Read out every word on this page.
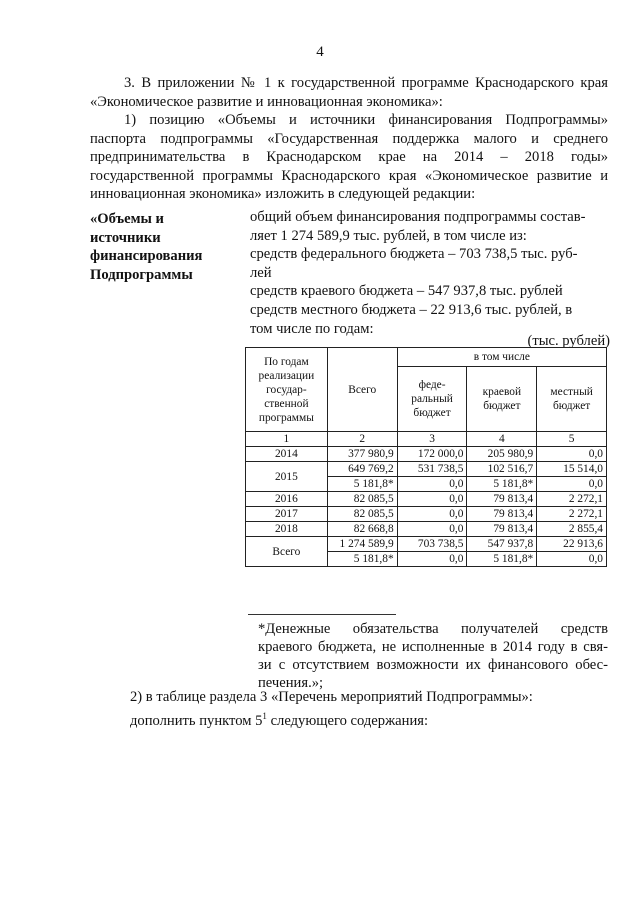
4
3. В приложении № 1 к государственной программе Краснодарского края
«Экономическое развитие и инновационная экономика»:
1) позицию «Объемы и источники финансирования Подпрограммы»
паспорта подпрограммы «Государственная поддержка малого и среднего
предпринимательства в Краснодарском крае на 2014 – 2018 годы»
государственной программы Краснодарского края «Экономическое развитие и
инновационная экономика» изложить в следующей редакции:
«Объемы и
источники
финансирования
Подпрограммы
общий объем финансирования подпрограммы состав-
ляет 1 274 589,9 тыс. рублей, в том числе из:
средств федерального бюджета – 703 738,5 тыс. руб-
лей
средств краевого бюджета – 547 937,8 тыс. рублей
средств местного бюджета – 22 913,6 тыс. рублей, в
том числе по годам:
(тыс. рублей)
По годам реализации государ- ственной программы	Всего	в том числе		
		феде- ральный бюджет	краевой бюджет	местный бюджет
1	2	3	4	5
2014	377 980,9	172 000,0	205 980,9	0,0
2015	649 769,2	531 738,5	102 516,7	15 514,0
	5 181,8*	0,0	5 181,8*	0,0
2016	82 085,5	0,0	79 813,4	2 272,1
2017	82 085,5	0,0	79 813,4	2 272,1
2018	82 668,8	0,0	79 813,4	2 855,4
Всего	1 274 589,9	703 738,5	547 937,8	22 913,6
	5 181,8*	0,0	5 181,8*	0,0
*Денежные обязательства получателей средств
краевого бюджета, не исполненные в 2014 году в свя-
зи с отсутствием возможности их финансового обес-
печения.»;
2) в таблице раздела 3 «Перечень мероприятий Подпрограммы»:
дополнить пунктом $5^1$ следующего содержания:
